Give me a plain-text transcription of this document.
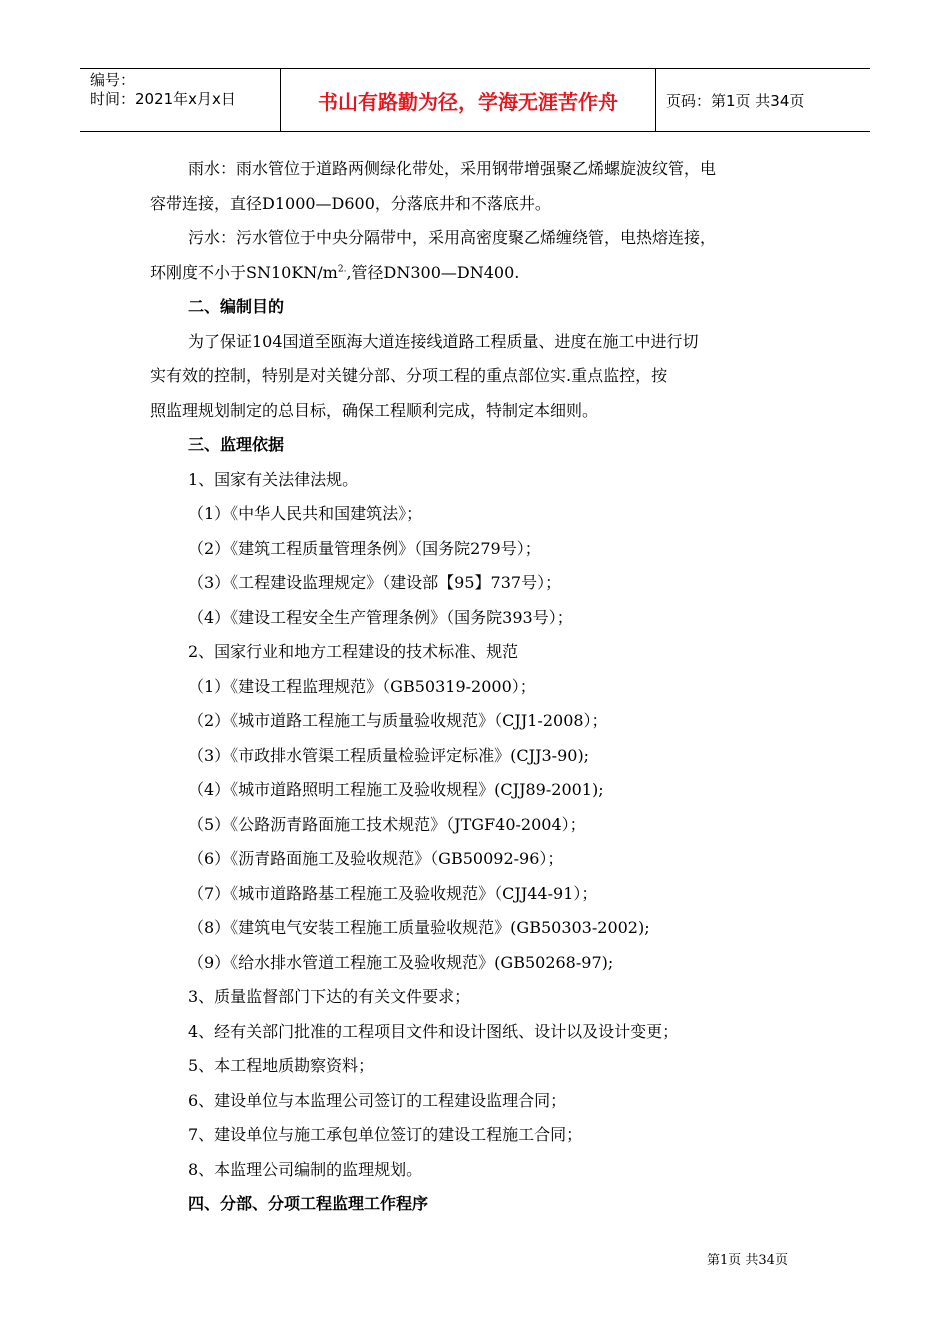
编号：
时间：2021年x月x日	书山有路勤为径，学海无涯苦作舟	页码：第1页 共34页

雨水：雨水管位于道路两侧绿化带处，采用钢带增强聚乙烯螺旋波纹管，电

容带连接，直径D1000—D600，分落底井和不落底井。

污水：污水管位于中央分隔带中，采用高密度聚乙烯缠绕管，电热熔连接，

环刚度不小于$SN10KN/m^{2.}$,管径DN300—DN400.

二、编制目的

为了保证104国道至瓯海大道连接线道路工程质量、进度在施工中进行切

实有效的控制，特别是对关键分部、分项工程的重点部位实.重点监控，按

照监理规划制定的总目标，确保工程顺利完成，特制定本细则。

三、监理依据

1、国家有关法律法规。

（1）《中华人民共和国建筑法》；

（2）《建筑工程质量管理条例》（国务院279号）；

（3）《工程建设监理规定》（建设部【95】737号）；

（4）《建设工程安全生产管理条例》（国务院393号）；

2、国家行业和地方工程建设的技术标准、规范

（1）《建设工程监理规范》（GB50319-2000）；

（2）《城市道路工程施工与质量验收规范》（CJJ1-2008）；

（3）《市政排水管渠工程质量检验评定标准》(CJJ3-90);

（4）《城市道路照明工程施工及验收规程》(CJJ89-2001);

（5）《公路沥青路面施工技术规范》（JTGF40-2004）；

（6）《沥青路面施工及验收规范》（GB50092-96）；

（7）《城市道路路基工程施工及验收规范》（CJJ44-91）；

（8）《建筑电气安装工程施工质量验收规范》(GB50303-2002);

（9）《给水排水管道工程施工及验收规范》(GB50268-97);

3、质量监督部门下达的有关文件要求；

4、经有关部门批准的工程项目文件和设计图纸、设计以及设计变更；

5、本工程地质勘察资料；

6、建设单位与本监理公司签订的工程建设监理合同；

7、建设单位与施工承包单位签订的建设工程施工合同；

8、本监理公司编制的监理规划。

四、分部、分项工程监理工作程序

第1页 共34页
